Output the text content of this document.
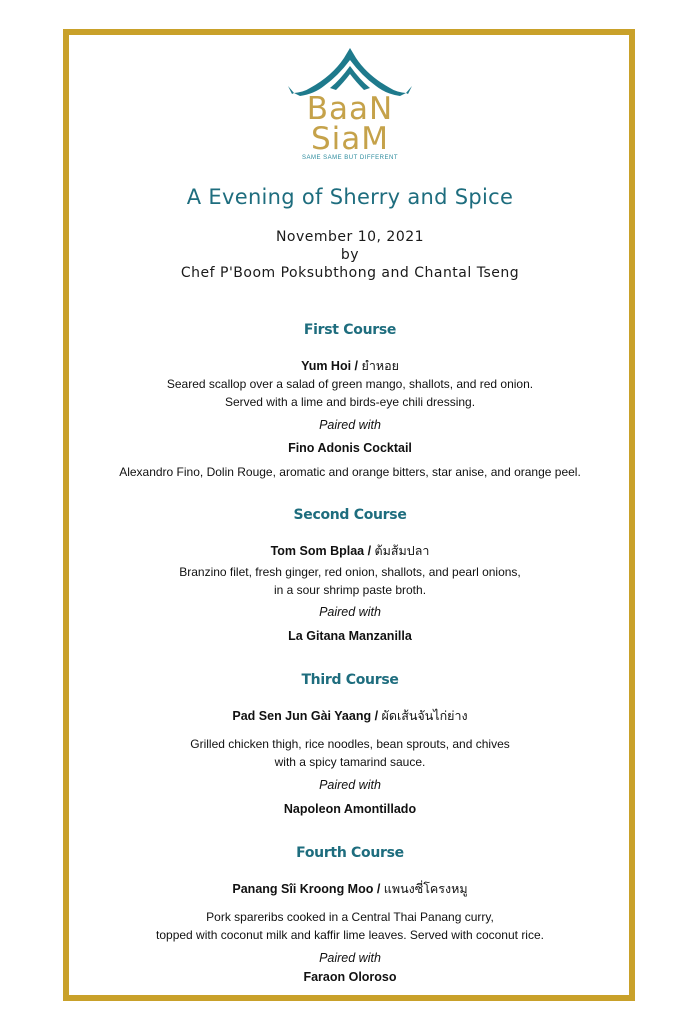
BaaN
SiaM
SAME SAME BUT DIFFERENT
A Evening of Sherry and Spice
November 10, 2021
by
Chef P'Boom Poksubthong and Chantal Tseng
First Course
Yum Hoi / ยำหอย
Seared scallop over a salad of green mango, shallots, and red onion.
Served with a lime and birds-eye chili dressing.
Paired with
Fino Adonis Cocktail
Alexandro Fino, Dolin Rouge, aromatic and orange bitters, star anise, and orange peel.
Second Course
Tom Som Bplaa / ต้มส้มปลา
Branzino filet, fresh ginger, red onion, shallots, and pearl onions,
in a sour shrimp paste broth.
Paired with
La Gitana Manzanilla
Third Course
Pad Sen Jun Gài Yaang / ผัดเส้นจันไก่ย่าง
Grilled chicken thigh, rice noodles, bean sprouts, and chives
with a spicy tamarind sauce.
Paired with
Napoleon Amontillado
Fourth Course
Panang Sîi Kroong Moo / แพนงซี่โครงหมู
Pork spareribs cooked in a Central Thai Panang curry,
topped with coconut milk and kaffir lime leaves. Served with coconut rice.
Paired with
Faraon Oloroso
